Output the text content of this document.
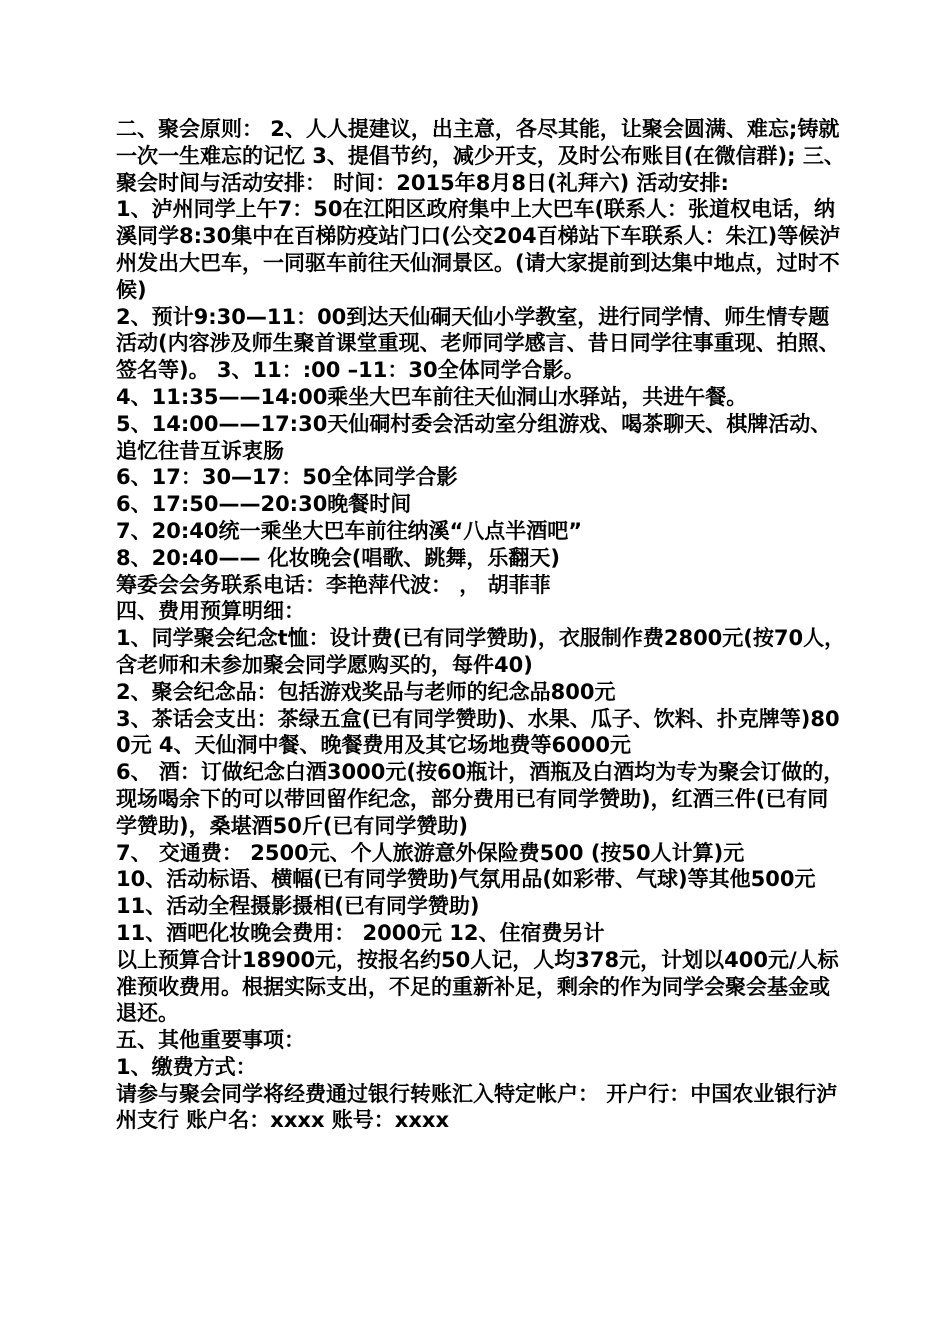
二、聚会原则： 2、人人提建议，出主意，各尽其能，让聚会圆满、难忘;铸就一次一生难忘的记忆 3、提倡节约，减少开支，及时公布账目(在微信群); 三、聚会时间与活动安排： 时间：2015年8月8日(礼拜六) 活动安排:

1、泸州同学上午7：50在江阳区政府集中上大巴车(联系人：张道权电话，纳溪同学8:30集中在百梯防疫站门口(公交204百梯站下车联系人：朱江)等候泸州发出大巴车，一同驱车前往天仙洞景区。(请大家提前到达集中地点，过时不候)

2、预计9:30—11：00到达天仙硐天仙小学教室，进行同学情、师生情专题活动(内容涉及师生聚首课堂重现、老师同学感言、昔日同学往事重现、拍照、签名等)。 3、11：:00 –11：30全体同学合影。

4、11:35——14:00乘坐大巴车前往天仙洞山水驿站，共进午餐。

5、14:00——17:30天仙硐村委会活动室分组游戏、喝茶聊天、棋牌活动、追忆往昔互诉衷肠

6、17：30—17：50全体同学合影

6、17:50——20:30晚餐时间

7、20:40统一乘坐大巴车前往纳溪“八点半酒吧”

8、20:40—— 化妆晚会(唱歌、跳舞，乐翻天)

筹委会会务联系电话：李艳萍代波： ， 胡菲菲

四、费用预算明细：

1、同学聚会纪念t恤：设计费(已有同学赞助)，衣服制作费2800元(按70人，含老师和未参加聚会同学愿购买的，每件40)

2、聚会纪念品：包括游戏奖品与老师的纪念品800元

3、茶话会支出：茶绿五盒(已有同学赞助)、水果、瓜子、饮料、扑克牌等)800元 4、天仙洞中餐、晚餐费用及其它场地费等6000元

6、 酒：订做纪念白酒3000元(按60瓶计，酒瓶及白酒均为专为聚会订做的，现场喝余下的可以带回留作纪念，部分费用已有同学赞助)，红酒三件(已有同学赞助)，桑堪酒50斤(已有同学赞助)

7、 交通费： 2500元、个人旅游意外保险费500 (按50人计算)元

10、活动标语、横幅(已有同学赞助)气氛用品(如彩带、气球)等其他500元

11、活动全程摄影摄相(已有同学赞助)

11、酒吧化妆晚会费用： 2000元 12、住宿费另计

以上预算合计18900元，按报名约50人记，人均378元，计划以400元/人标准预收费用。根据实际支出，不足的重新补足，剩余的作为同学会聚会基金或退还。

五、其他重要事项：

1、缴费方式：

请参与聚会同学将经费通过银行转账汇入特定帐户： 开户行：中国农业银行泸州支行 账户名：xxxx 账号：xxxx
